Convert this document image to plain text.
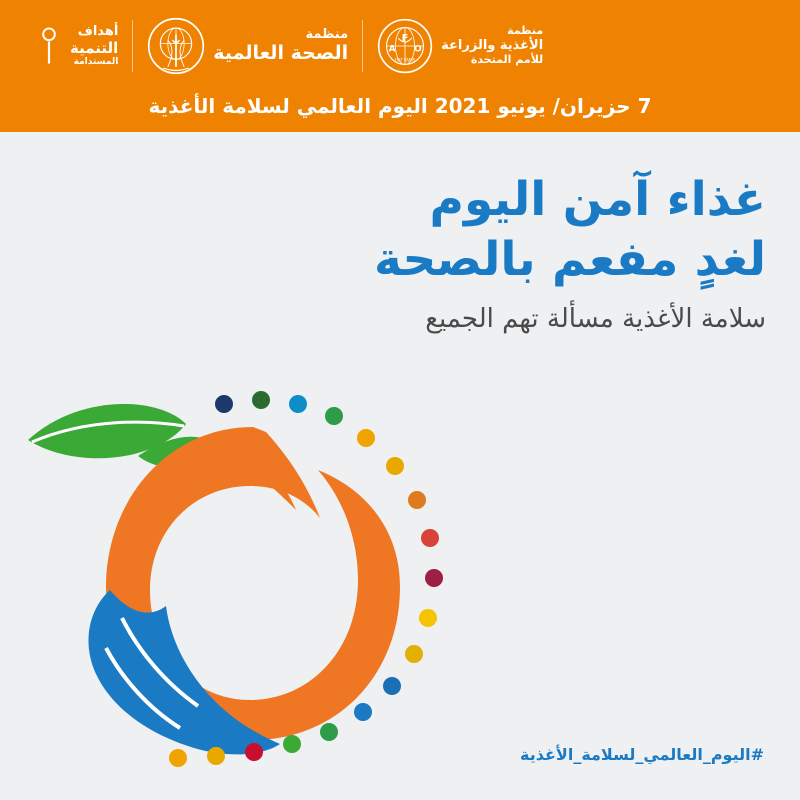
منظمة
الأغذية والزراعة
للأمم المتحدة
F
A O
FIAT PANIS
منظمة
الصحة العالمية
أهداف
التنمية
المستدامة
7 حزيران/ يونيو 2021 اليوم العالمي لسلامة الأغذية
غذاء آمن اليوم
لغدٍ مفعم بالصحة
سلامة الأغذية مسألة تهم الجميع
#اليوم_العالمي_لسلامة_الأغذية
